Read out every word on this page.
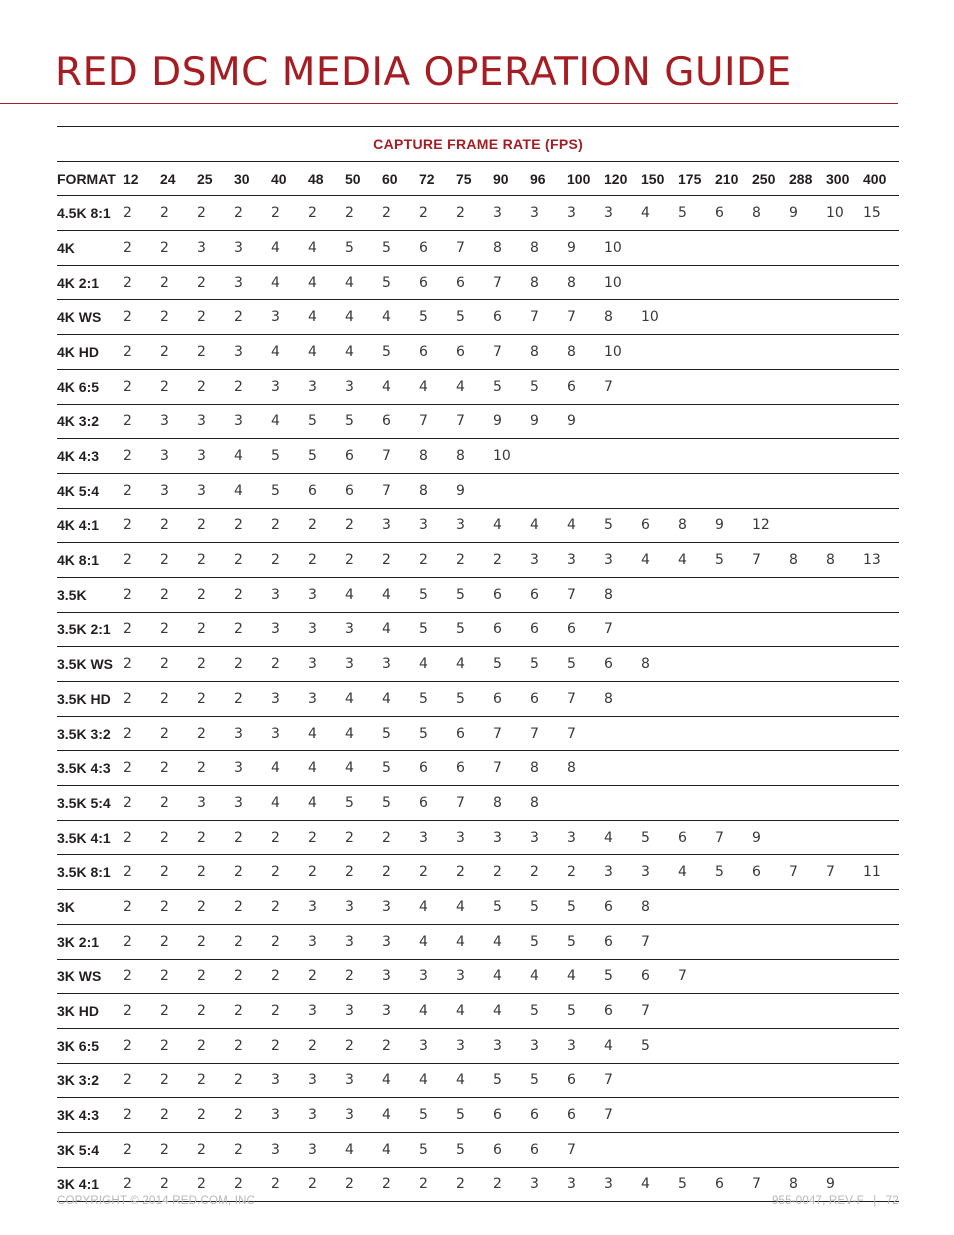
RED DSMC MEDIA OPERATION GUIDE
CAPTURE FRAME RATE (FPS)																						
FORMAT	12	24	25	30	40	48	50	60	72	75	90	96	100	120	150	175	210	250	288	300	400	
4.5K 8:1	2	2	2	2	2	2	2	2	2	2	3	3	3	3	4	5	6	8	9	10	15	
4K	2	2	3	3	4	4	5	5	6	7	8	8	9	10								
4K 2:1	2	2	2	3	4	4	4	5	6	6	7	8	8	10								
4K WS	2	2	2	2	3	4	4	4	5	5	6	7	7	8	10							
4K HD	2	2	2	3	4	4	4	5	6	6	7	8	8	10								
4K 6:5	2	2	2	2	3	3	3	4	4	4	5	5	6	7								
4K 3:2	2	3	3	3	4	5	5	6	7	7	9	9	9									
4K 4:3	2	3	3	4	5	5	6	7	8	8	10											
4K 5:4	2	3	3	4	5	6	6	7	8	9												
4K 4:1	2	2	2	2	2	2	2	3	3	3	4	4	4	5	6	8	9	12				
4K 8:1	2	2	2	2	2	2	2	2	2	2	2	3	3	3	4	4	5	7	8	8	13	
3.5K	2	2	2	2	3	3	4	4	5	5	6	6	7	8								
3.5K 2:1	2	2	2	2	3	3	3	4	5	5	6	6	6	7								
3.5K WS	2	2	2	2	2	3	3	3	4	4	5	5	5	6	8							
3.5K HD	2	2	2	2	3	3	4	4	5	5	6	6	7	8								
3.5K 3:2	2	2	2	3	3	4	4	5	5	6	7	7	7									
3.5K 4:3	2	2	2	3	4	4	4	5	6	6	7	8	8									
3.5K 5:4	2	2	3	3	4	4	5	5	6	7	8	8										
3.5K 4:1	2	2	2	2	2	2	2	2	3	3	3	3	3	4	5	6	7	9				
3.5K 8:1	2	2	2	2	2	2	2	2	2	2	2	2	2	3	3	4	5	6	7	7	11	
3K	2	2	2	2	2	3	3	3	4	4	5	5	5	6	8							
3K 2:1	2	2	2	2	2	3	3	3	4	4	4	5	5	6	7							
3K WS	2	2	2	2	2	2	2	3	3	3	4	4	4	5	6	7						
3K HD	2	2	2	2	2	3	3	3	4	4	4	5	5	6	7							
3K 6:5	2	2	2	2	2	2	2	2	3	3	3	3	3	4	5							
3K 3:2	2	2	2	2	3	3	3	4	4	4	5	5	6	7								
3K 4:3	2	2	2	2	3	3	3	4	5	5	6	6	6	7								
3K 5:4	2	2	2	2	3	3	4	4	5	5	6	6	7									
3K 4:1	2	2	2	2	2	2	2	2	2	2	2	3	3	3	4	5	6	7	8	9		
COPYRIGHT © 2014 RED.COM, INC	955-0047, REV-F | 72
